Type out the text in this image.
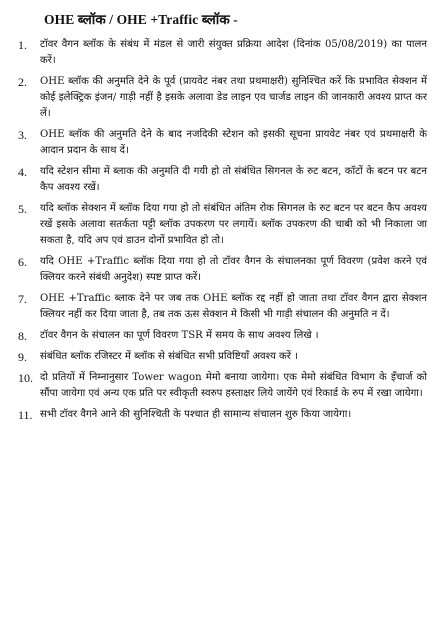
OHE ब्लॉक / OHE +Traffic ब्लॉक -
1. टॉवर वैगन ब्लॉक के संबंध में मंडल से जारी संयुक्त प्रक्रिया आदेश (दिनांक 05/08/2019) का पालन करें।
2. OHE ब्लॉक की अनुमति देने के पूर्व (प्रायवेट नंबर तथा प्रथमाक्षरी) सुनिश्चित करें कि प्रभावित सेक्शन में कोई इलेक्ट्रिक इंजन/ गाड़ी नहीं है इसके अलावा डेड लाइन एव चार्जड लाइन की जानकारी अवश्य प्राप्त कर लें।
3. OHE ब्लॉक की अनुमति देने के बाद नजदिकी स्टेशन को इसकी सूचना प्रायवेट नंबर एवं प्रथमाक्षरी के आदान प्रदान के साथ दें।
4. यदि स्टेशन सीमा में ब्लाक की अनुमति दी गयी हो तो संबंधित सिगनल के रुट बटन, कॉटों के बटन पर बटन कैप अवश्य रखें।
5. यदि ब्लॉक सेक्शन में ब्लॉक दिया गया हो तो संबंधित अंतिम रोक सिगनल के रुट बटन पर बटन कैप अवश्य रखें इसके अलावा सतर्कता पट्टी ब्लॉक उपकरण पर लगायें। ब्लॉक उपकरण की चाबी को भी निकाला जा सकता है, यदि अप एवं डाउन दोनों प्रभावित हो तो।
6. यदि OHE +Traffic ब्लॉक दिया गया हो तो टॉवर वैगन के संचालनका पूर्ण विवरण (प्रवेश करने एवं क्लियर करने संबंधी अनुदेश) स्पष्ट प्राप्त करें।
7. OHE +Traffic ब्लाक देने पर जब तक OHE ब्लॉक रद्द नहीं हो जाता तथा टॉवर वैगन द्वारा सेक्शन क्लियर नहीं कर दिया जाता है, तब तक ऊस सेक्शन मे किसी भी गाड़ी संचालन की अनुमति न दें।
8. टॉवर वैगन के संचालन का पूर्ण विवरण TSR में समय के साथ अवश्य लिखे ।
9. संबंधित ब्लॉक रजिस्टर में ब्लॉक से संबंधित सभी प्रविष्टियाँ अवश्य करें ।
10. दो प्रतियों में निम्नानुसार Tower wagon मेमो बनाया जायेगा। एक मेमो संबंधित विभाग के इँचार्ज को सौंपा जायेगा एवं अन्य एक प्रति पर स्वीकृती स्वरुप हस्ताक्षर लिये जायेंगे एवं रिकार्ड के रुप में रखा जायेगा।
11. सभी टॉवर वैगने आने की सुनिश्चिती के पश्चात ही सामान्य संचालन शुरु किया जायेगा।
